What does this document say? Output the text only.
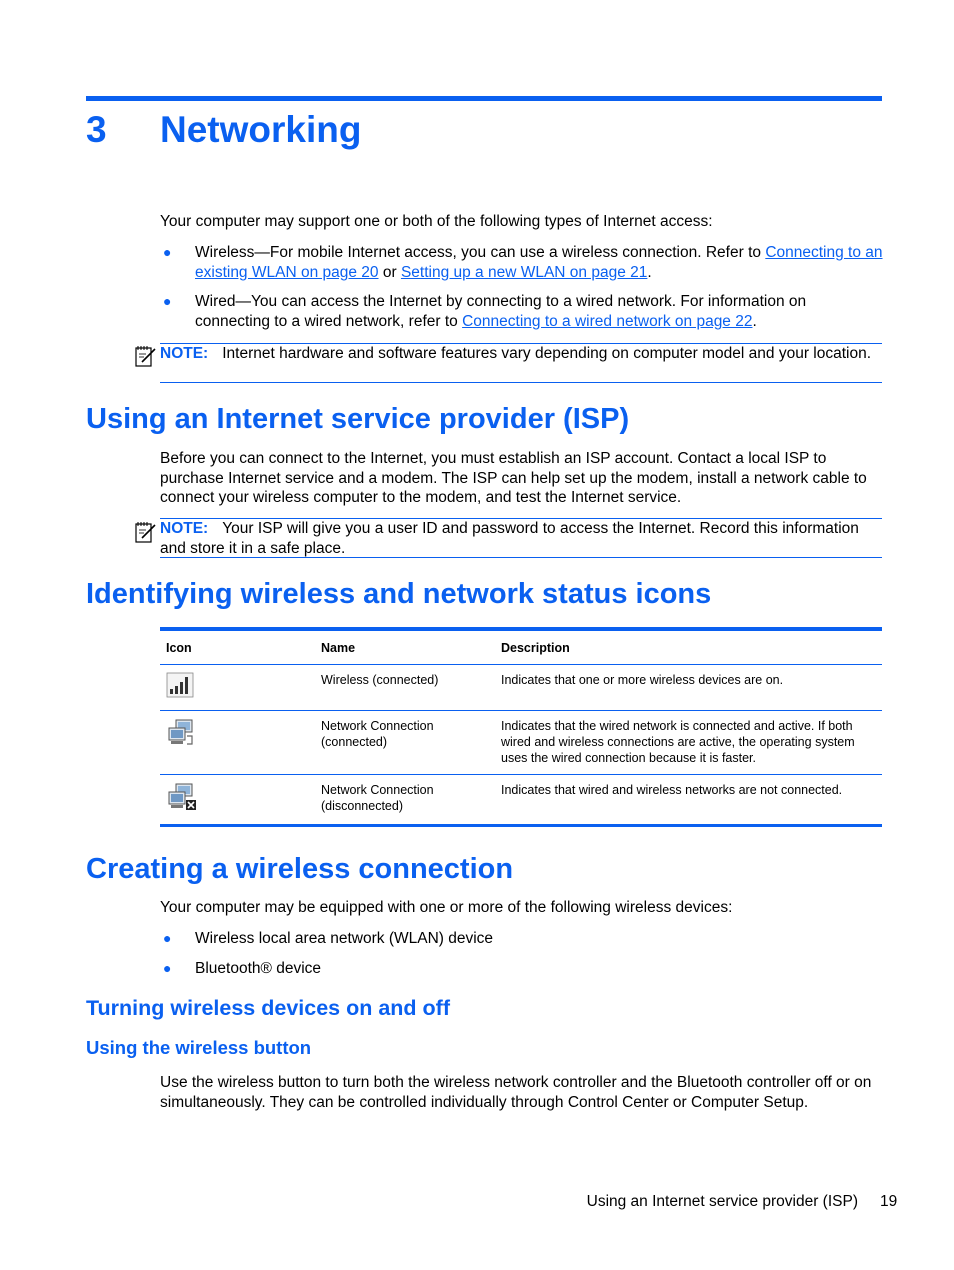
3 Networking
Your computer may support one or both of the following types of Internet access:
● Wireless—For mobile Internet access, you can use a wireless connection. Refer to Connecting to an existing WLAN on page 20 or Setting up a new WLAN on page 21.
● Wired—You can access the Internet by connecting to a wired network. For information on connecting to a wired network, refer to Connecting to a wired network on page 22.
NOTE: Internet hardware and software features vary depending on computer model and your location.
Using an Internet service provider (ISP)
Before you can connect to the Internet, you must establish an ISP account. Contact a local ISP to purchase Internet service and a modem. The ISP can help set up the modem, install a network cable to connect your wireless computer to the modem, and test the Internet service.
NOTE: Your ISP will give you a user ID and password to access the Internet. Record this information and store it in a safe place.
Identifying wireless and network status icons
Icon	Name	Description
	Wireless (connected)	Indicates that one or more wireless devices are on.
	Network Connection (connected)	Indicates that the wired network is connected and active. If both wired and wireless connections are active, the operating system uses the wired connection because it is faster.
	Network Connection (disconnected)	Indicates that wired and wireless networks are not connected.
Creating a wireless connection
Your computer may be equipped with one or more of the following wireless devices:
● Wireless local area network (WLAN) device
● Bluetooth® device
Turning wireless devices on and off
Using the wireless button
Use the wireless button to turn both the wireless network controller and the Bluetooth controller off or on simultaneously. They can be controlled individually through Control Center or Computer Setup.
Using an Internet service provider (ISP) 19
